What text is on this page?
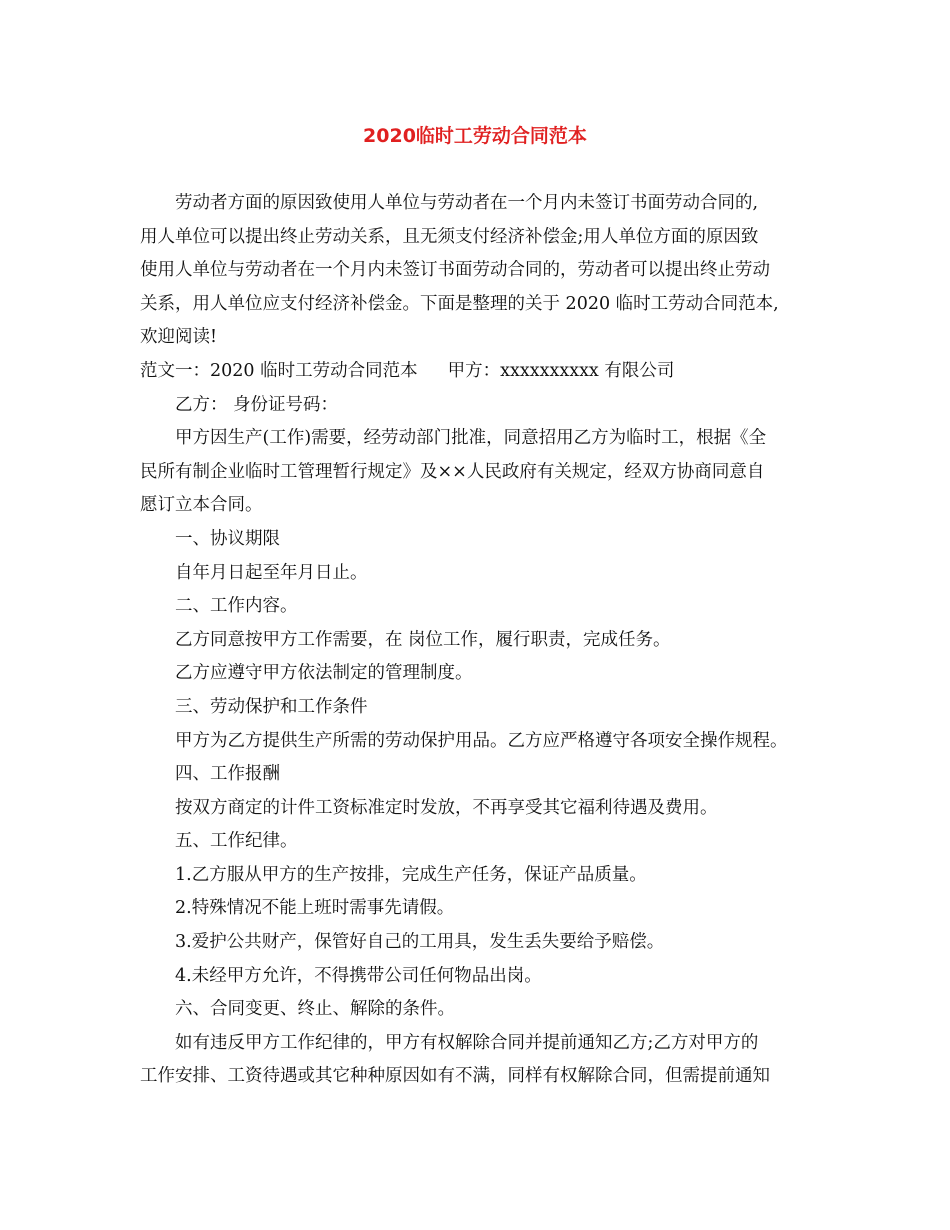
2020临时工劳动合同范本
劳动者方面的原因致使用人单位与劳动者在一个月内未签订书面劳动合同的,
用人单位可以提出终止劳动关系，且无须支付经济补偿金;用人单位方面的原因致
使用人单位与劳动者在一个月内未签订书面劳动合同的，劳动者可以提出终止劳动
关系，用人单位应支付经济补偿金。下面是整理的关于 2020 临时工劳动合同范本,
欢迎阅读!
范文一：2020 临时工劳动合同范本 甲方：xxxxxxxxxx 有限公司
乙方： 身份证号码：
甲方因生产(工作)需要，经劳动部门批准，同意招用乙方为临时工，根据《全
民所有制企业临时工管理暂行规定》及××人民政府有关规定，经双方协商同意自
愿订立本合同。
一、协议期限
自年月日起至年月日止。
二、工作内容。
乙方同意按甲方工作需要，在 岗位工作，履行职责，完成任务。
乙方应遵守甲方依法制定的管理制度。
三、劳动保护和工作条件
甲方为乙方提供生产所需的劳动保护用品。乙方应严格遵守各项安全操作规程。
四、工作报酬
按双方商定的计件工资标准定时发放，不再享受其它福利待遇及费用。
五、工作纪律。
1.乙方服从甲方的生产按排，完成生产任务，保证产品质量。
2.特殊情况不能上班时需事先请假。
3.爱护公共财产，保管好自己的工用具，发生丢失要给予赔偿。
4.未经甲方允许，不得携带公司任何物品出岗。
六、合同变更、终止、解除的条件。
如有违反甲方工作纪律的，甲方有权解除合同并提前通知乙方;乙方对甲方的
工作安排、工资待遇或其它种种原因如有不满，同样有权解除合同，但需提前通知
